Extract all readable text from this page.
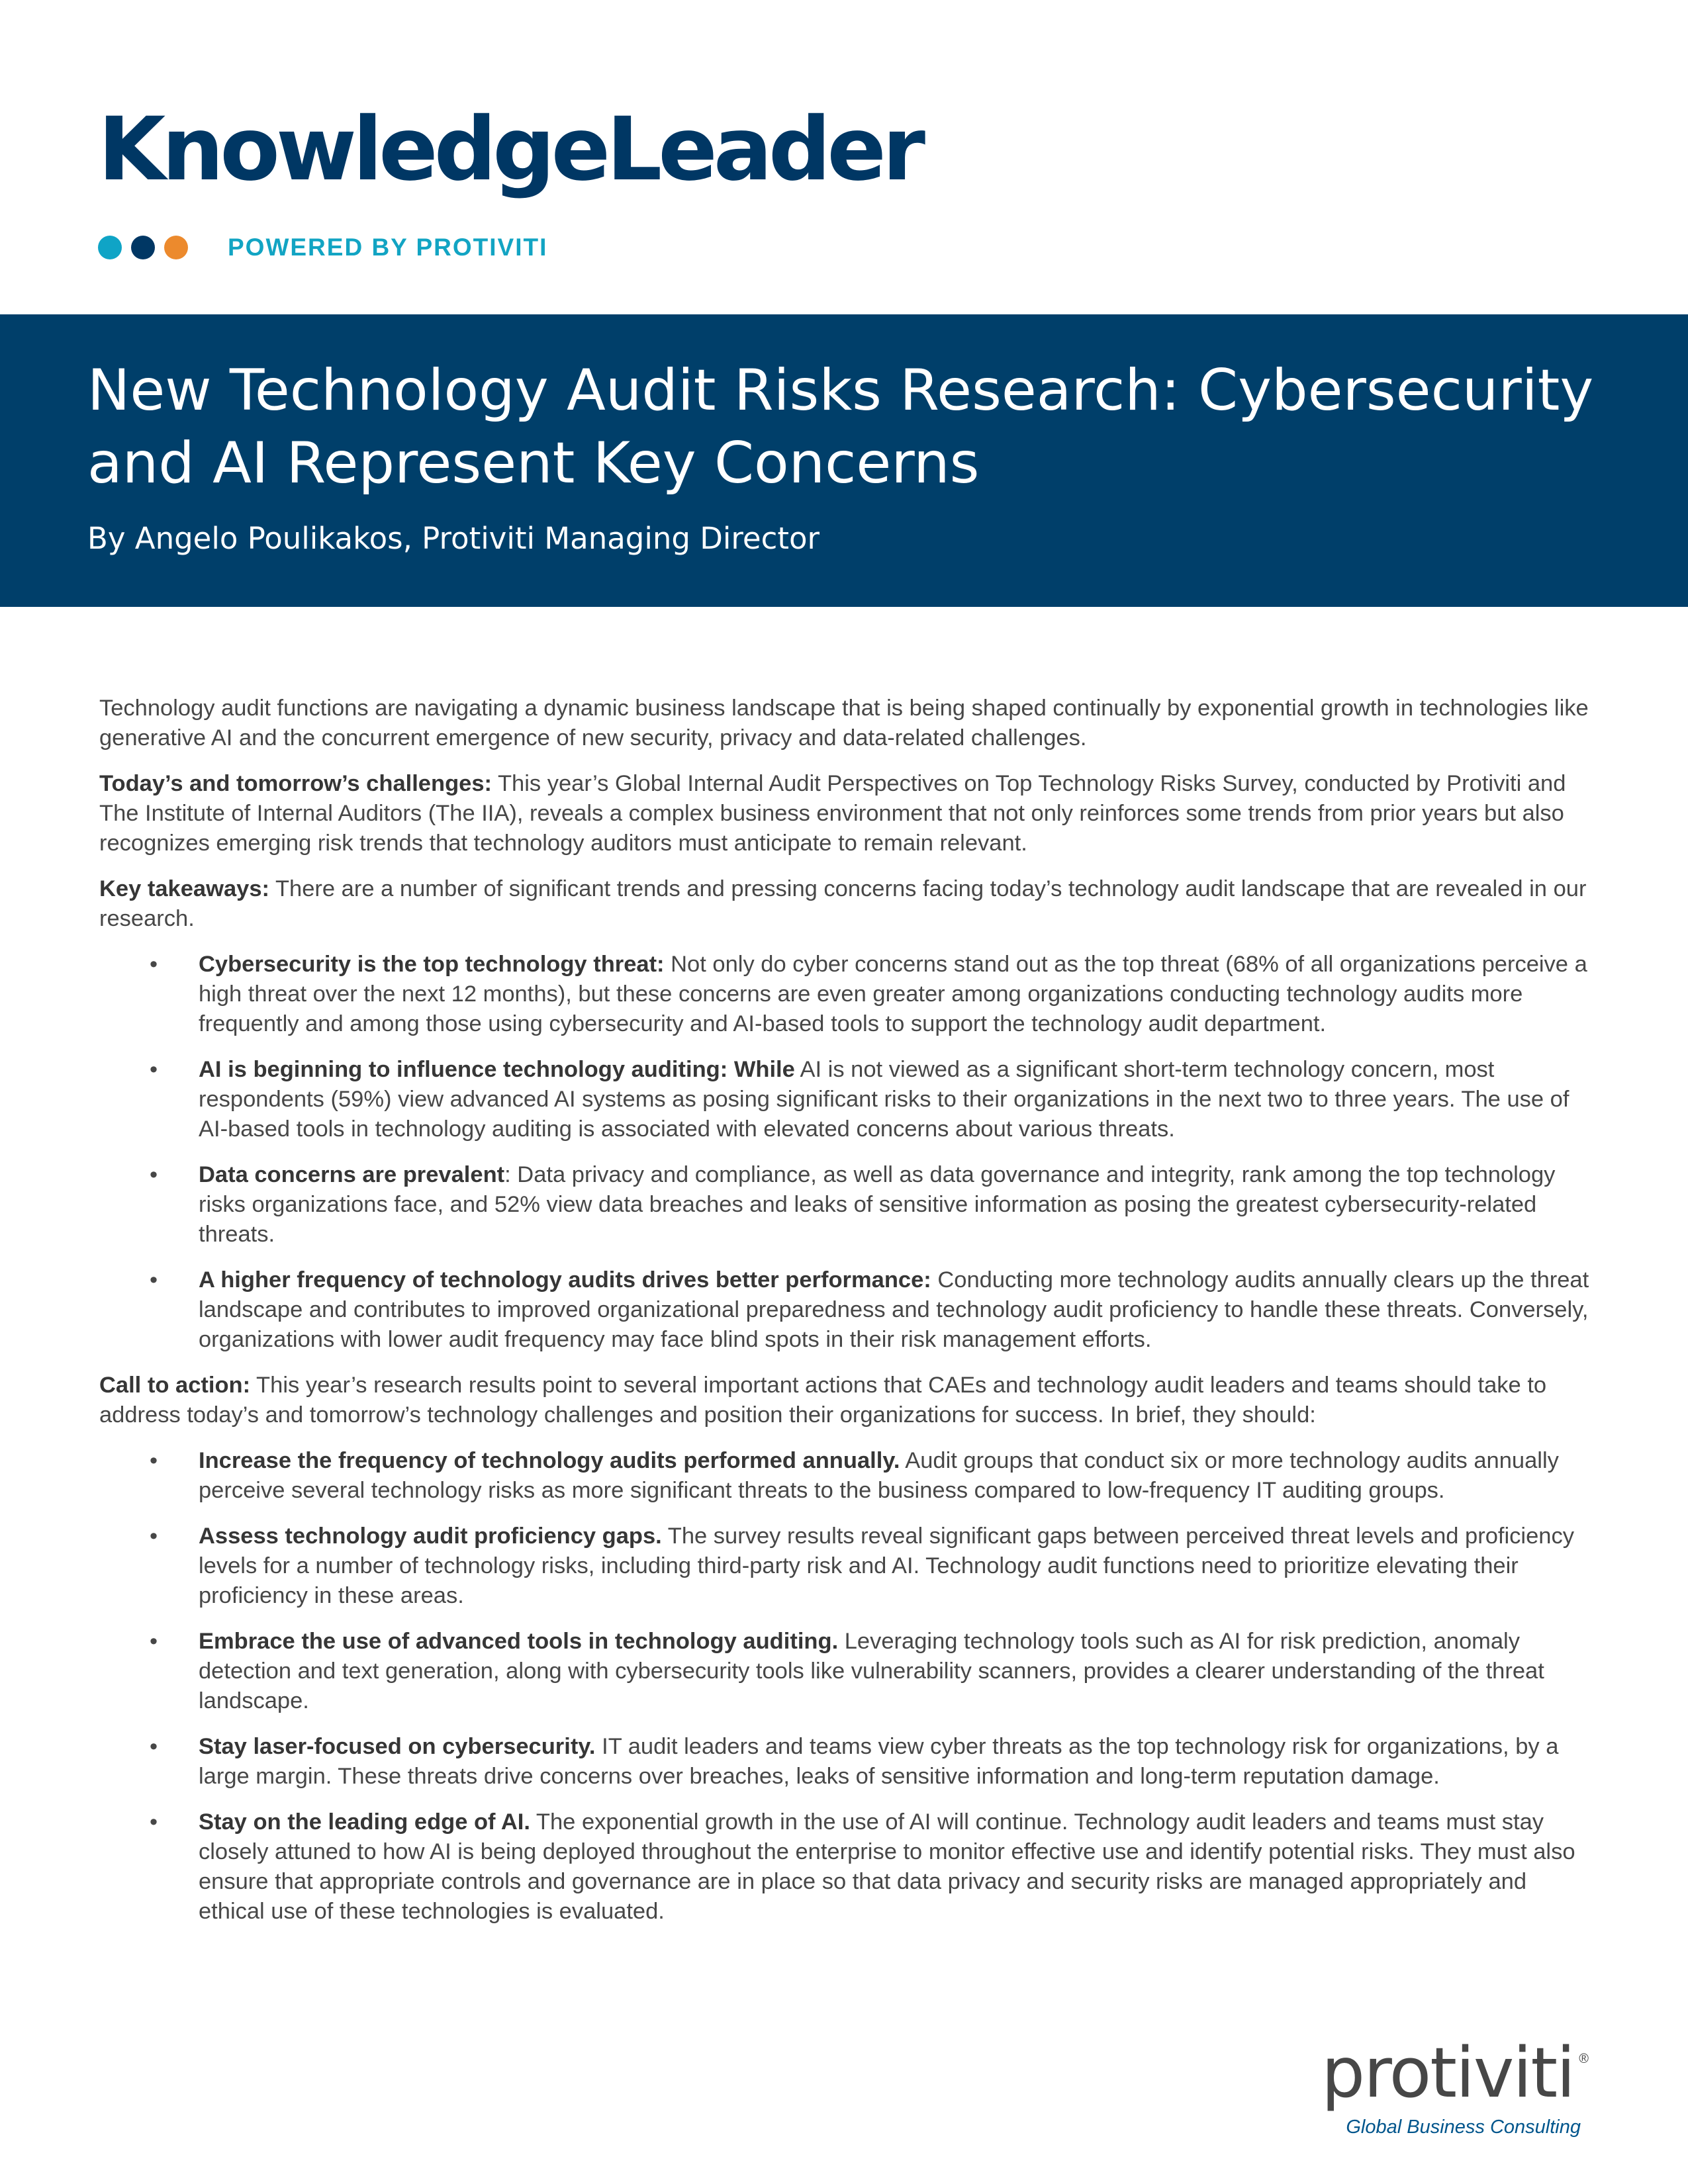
KnowledgeLeader
POWERED BY PROTIVITI
New Technology Audit Risks Research: Cybersecurity and AI Represent Key Concerns

By Angelo Poulikakos, Protiviti Managing Director

Technology audit functions are navigating a dynamic business landscape that is being shaped continually by exponential growth in technologies like generative AI and the concurrent emergence of new security, privacy and data-related challenges.

Today’s and tomorrow’s challenges: This year’s Global Internal Audit Perspectives on Top Technology Risks Survey, conducted by Protiviti and The Institute of Internal Auditors (The IIA), reveals a complex business environment that not only reinforces some trends from prior years but also recognizes emerging risk trends that technology auditors must anticipate to remain relevant.

Key takeaways: There are a number of significant trends and pressing concerns facing today’s technology audit landscape that are revealed in our research.

• Cybersecurity is the top technology threat: Not only do cyber concerns stand out as the top threat (68% of all organizations perceive a high threat over the next 12 months), but these concerns are even greater among organizations conducting technology audits more frequently and among those using cybersecurity and AI-based tools to support the technology audit department.
• AI is beginning to influence technology auditing: While AI is not viewed as a significant short-term technology concern, most respondents (59%) view advanced AI systems as posing significant risks to their organizations in the next two to three years. The use of AI-based tools in technology auditing is associated with elevated concerns about various threats.
• Data concerns are prevalent: Data privacy and compliance, as well as data governance and integrity, rank among the top technology risks organizations face, and 52% view data breaches and leaks of sensitive information as posing the greatest cybersecurity-related threats.
• A higher frequency of technology audits drives better performance: Conducting more technology audits annually clears up the threat landscape and contributes to improved organizational preparedness and technology audit proficiency to handle these threats. Conversely, organizations with lower audit frequency may face blind spots in their risk management efforts.

Call to action: This year’s research results point to several important actions that CAEs and technology audit leaders and teams should take to address today’s and tomorrow’s technology challenges and position their organizations for success. In brief, they should:

• Increase the frequency of technology audits performed annually. Audit groups that conduct six or more technology audits annually perceive several technology risks as more significant threats to the business compared to low-frequency IT auditing groups.
• Assess technology audit proficiency gaps. The survey results reveal significant gaps between perceived threat levels and proficiency levels for a number of technology risks, including third-party risk and AI. Technology audit functions need to prioritize elevating their proficiency in these areas.
• Embrace the use of advanced tools in technology auditing. Leveraging technology tools such as AI for risk prediction, anomaly detection and text generation, along with cybersecurity tools like vulnerability scanners, provides a clearer understanding of the threat landscape.
• Stay laser-focused on cybersecurity. IT audit leaders and teams view cyber threats as the top technology risk for organizations, by a large margin. These threats drive concerns over breaches, leaks of sensitive information and long-term reputation damage.
• Stay on the leading edge of AI. The exponential growth in the use of AI will continue. Technology audit leaders and teams must stay closely attuned to how AI is being deployed throughout the enterprise to monitor effective use and identify potential risks. They must also ensure that appropriate controls and governance are in place so that data privacy and security risks are managed appropriately and ethical use of these technologies is evaluated.
protiviti ®
Global Business Consulting
